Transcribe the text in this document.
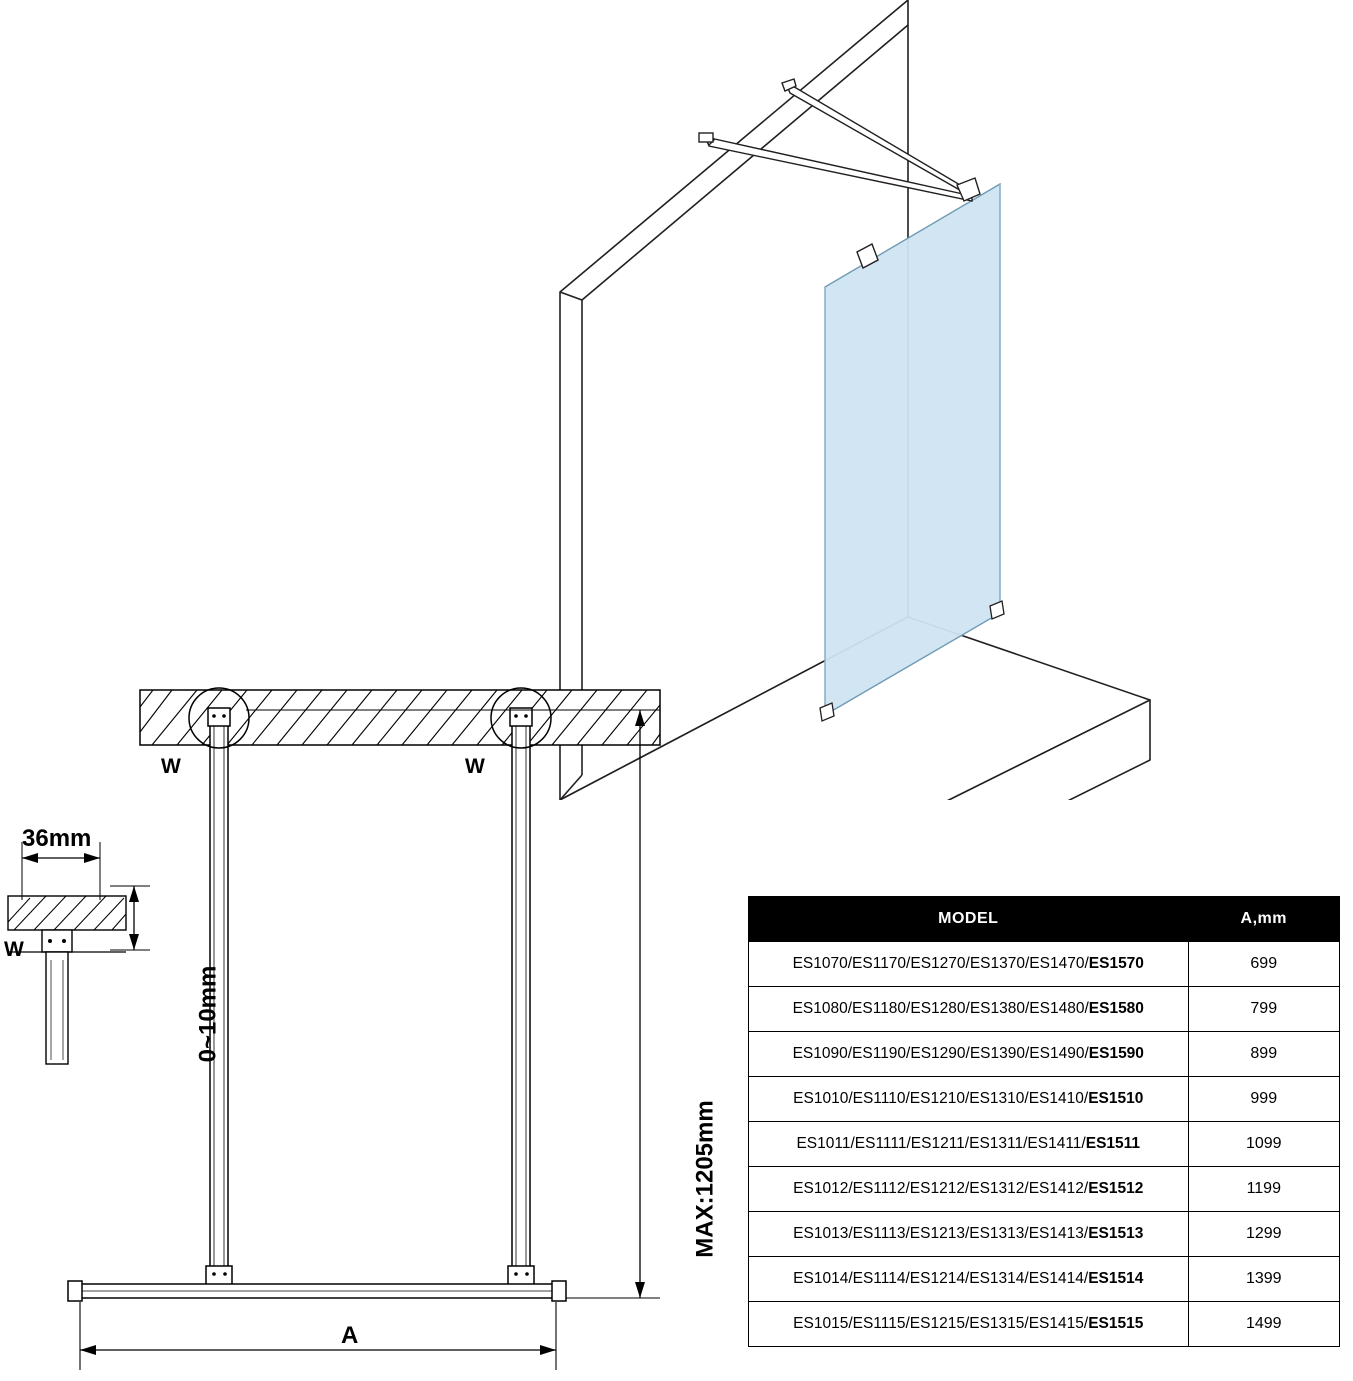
W	W
W
36mm
0~10mm
MAX:1205mm
A
MODEL	A,mm
ES1070/ES1170/ES1270/ES1370/ES1470/ES1570	699
ES1080/ES1180/ES1280/ES1380/ES1480/ES1580	799
ES1090/ES1190/ES1290/ES1390/ES1490/ES1590	899
ES1010/ES1110/ES1210/ES1310/ES1410/ES1510	999
ES1011/ES1111/ES1211/ES1311/ES1411/ES1511	1099
ES1012/ES1112/ES1212/ES1312/ES1412/ES1512	1199
ES1013/ES1113/ES1213/ES1313/ES1413/ES1513	1299
ES1014/ES1114/ES1214/ES1314/ES1414/ES1514	1399
ES1015/ES1115/ES1215/ES1315/ES1415/ES1515	1499
